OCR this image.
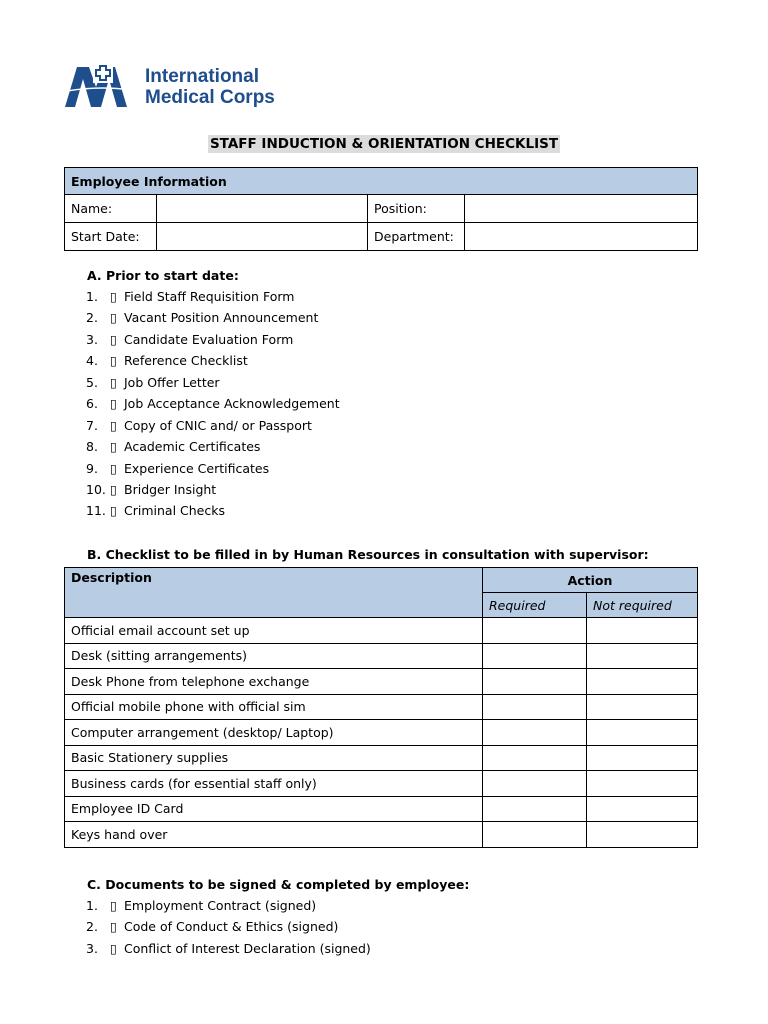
International
Medical Corps
STAFF INDUCTION & ORIENTATION CHECKLIST
Employee Information			
Name:		Position:	
Start Date:		Department:	
A. Prior to start date:
1. ▯ Field Staff Requisition Form
2. ▯ Vacant Position Announcement
3. ▯ Candidate Evaluation Form
4. ▯ Reference Checklist
5. ▯ Job Offer Letter
6. ▯ Job Acceptance Acknowledgement
7. ▯ Copy of CNIC and/ or Passport
8. ▯ Academic Certificates
9. ▯ Experience Certificates
10. ▯ Bridger Insight
11. ▯ Criminal Checks
B. Checklist to be filled in by Human Resources in consultation with supervisor:
Description	Action	
	Required	Not required
Official email account set up		
Desk (sitting arrangements)		
Desk Phone from telephone exchange		
Official mobile phone with official sim		
Computer arrangement (desktop/ Laptop)		
Basic Stationery supplies		
Business cards (for essential staff only)		
Employee ID Card		
Keys hand over		
C. Documents to be signed & completed by employee:
1. ▯ Employment Contract (signed)
2. ▯ Code of Conduct & Ethics (signed)
3. ▯ Conflict of Interest Declaration (signed)
